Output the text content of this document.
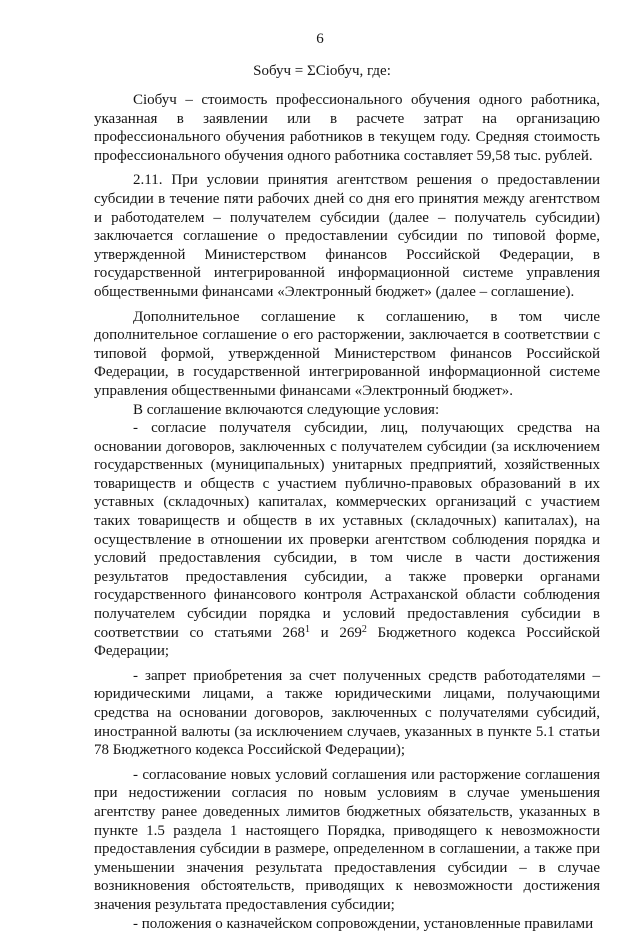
6
Sобуч = ΣCiобуч, где:

Ciобуч – стоимость профессионального обучения одного работника, указанная в заявлении или в расчете затрат на организацию профессионального обучения работников в текущем году. Средняя стоимость профессионального обучения одного работника составляет 59,58 тыс. рублей.

2.11. При условии принятия агентством решения о предоставлении субсидии в течение пяти рабочих дней со дня его принятия между агентством и работодателем – получателем субсидии (далее – получатель субсидии) заключается соглашение о предоставлении субсидии по типовой форме, утвержденной Министерством финансов Российской Федерации, в государственной интегрированной информационной системе управления общественными финансами «Электронный бюджет» (далее – соглашение).

Дополнительное соглашение к соглашению, в том числе дополнительное соглашение о его расторжении, заключается в соответствии с типовой формой, утвержденной Министерством финансов Российской Федерации, в государственной интегрированной информационной системе управления общественными финансами «Электронный бюджет».

В соглашение включаются следующие условия:

- согласие получателя субсидии, лиц, получающих средства на основании договоров, заключенных с получателем субсидии (за исключением государственных (муниципальных) унитарных предприятий, хозяйственных товариществ и обществ с участием публично-правовых образований в их уставных (складочных) капиталах, коммерческих организаций с участием таких товариществ и обществ в их уставных (складочных) капиталах), на осуществление в отношении их проверки агентством соблюдения порядка и условий предоставления субсидии, в том числе в части достижения результатов предоставления субсидии, а также проверки органами государственного финансового контроля Астраханской области соблюдения получателем субсидии порядка и условий предоставления субсидии в соответствии со статьями $268^1$ и $269^2$ Бюджетного кодекса Российской Федерации;

- запрет приобретения за счет полученных средств работодателями – юридическими лицами, а также юридическими лицами, получающими средства на основании договоров, заключенных с получателями субсидий, иностранной валюты (за исключением случаев, указанных в пункте 5.1 статьи 78 Бюджетного кодекса Российской Федерации);

- согласование новых условий соглашения или расторжение соглашения при недостижении согласия по новым условиям в случае уменьшения агентству ранее доведенных лимитов бюджетных обязательств, указанных в пункте 1.5 раздела 1 настоящего Порядка, приводящего к невозможности предоставления субсидии в размере, определенном в соглашении, а также при уменьшении значения результата предоставления субсидии – в случае возникновения обстоятельств, приводящих к невозможности достижения значения результата предоставления субсидии;

- положения о казначейском сопровождении, установленные правилами
